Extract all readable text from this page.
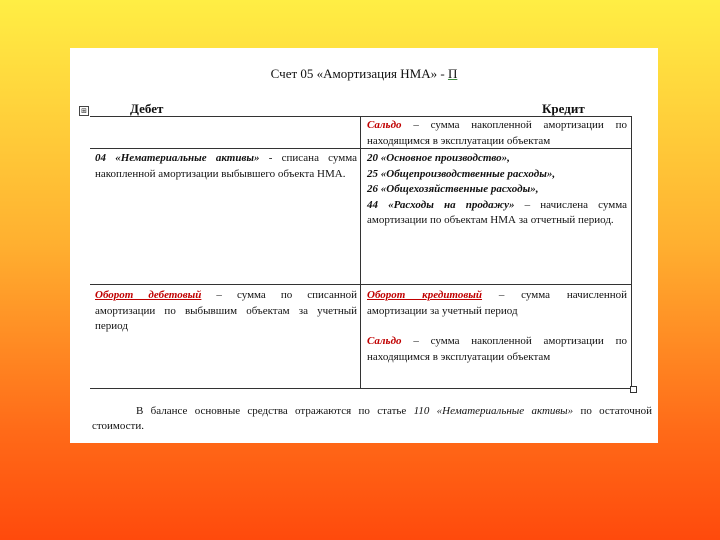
Счет 05 «Амортизация НМА» - П
⊞	Дебет	Кредит
Сальдо – сумма накопленной амортизации по находящимся в эксплуатации объектам
04 «Нематериальные активы» - списана сумма накопленной амортизации выбывшего объекта НМА.

20 «Основное производство»,

25 «Общепроизводственные расходы»,

26 «Общехозяйственные расходы»,

44 «Расходы на продажу» – начислена сумма амортизации по объектам НМА за отчетный период.

Оборот дебетовый – сумма по списанной амортизации по выбывшим объектам за учетный период

Оборот кредитовый – сумма начисленной амортизации за учетный период

Сальдо – сумма накопленной амортизации по находящимся в эксплуатации объектам

В балансе основные средства отражаются по статье 110 «Нематериальные активы» по остаточной стоимости.
